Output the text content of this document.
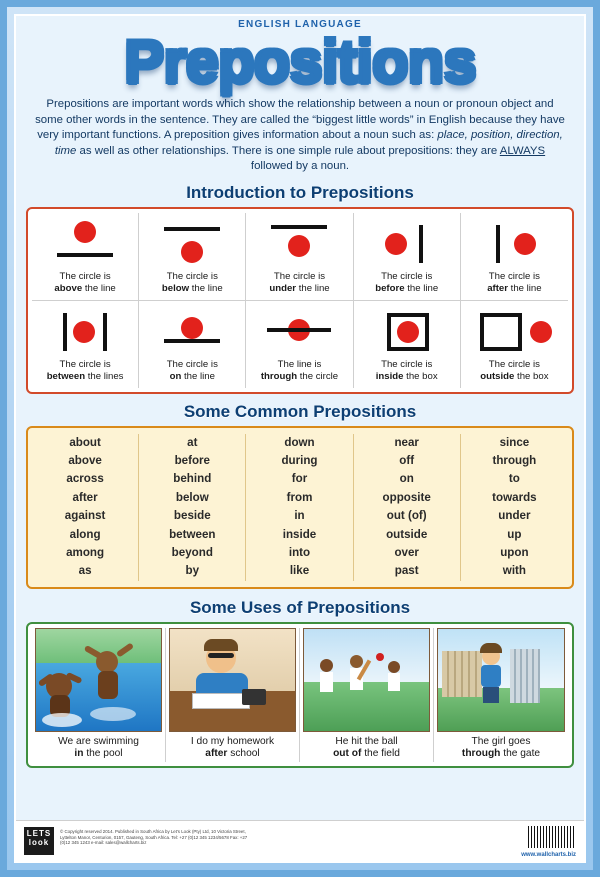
ENGLISH LANGUAGE
Prepositions
Prepositions are important words which show the relationship between a noun or pronoun object and some other words in the sentence. They are called the “biggest little words” in English because they have very important functions. A preposition gives information about a noun such as: place, position, direction, time as well as other relationships. There is one simple rule about prepositions: they are ALWAYS followed by a noun.
Introduction to Prepositions
The circle is
above the line
The circle is
below the line
The circle is
under the line
The circle is
before the line
The circle is
after the line
The circle is
between the lines
The circle is
on the line
The line is
through the circle
The circle is
inside the box
The circle is
outside the box
Some Common Prepositions
about
above
across
after
against
along
among
as
at
before
behind
below
beside
between
beyond
by
down
during
for
from
in
inside
into
like
near
off
on
opposite
out (of)
outside
over
past
since
through
to
towards
under
up
upon
with
Some Uses of Prepositions
We are swimming
in the pool
I do my homework
after school
He hit the ball
out of the field
The girl goes
through the gate
LETS
look
© Copyright reserved 2014. Published in South Africa by Let's Look (Pty) Ltd, 10 Victoria Street, Lyttelton Manor, Centurion, 0157, Gauteng, South Africa. Tel: +27 (0)12 345 1234/5678 Fax: +27 (0)12 345 1243 e-mail: sales@wallcharts.biz
www.wallcharts.biz
